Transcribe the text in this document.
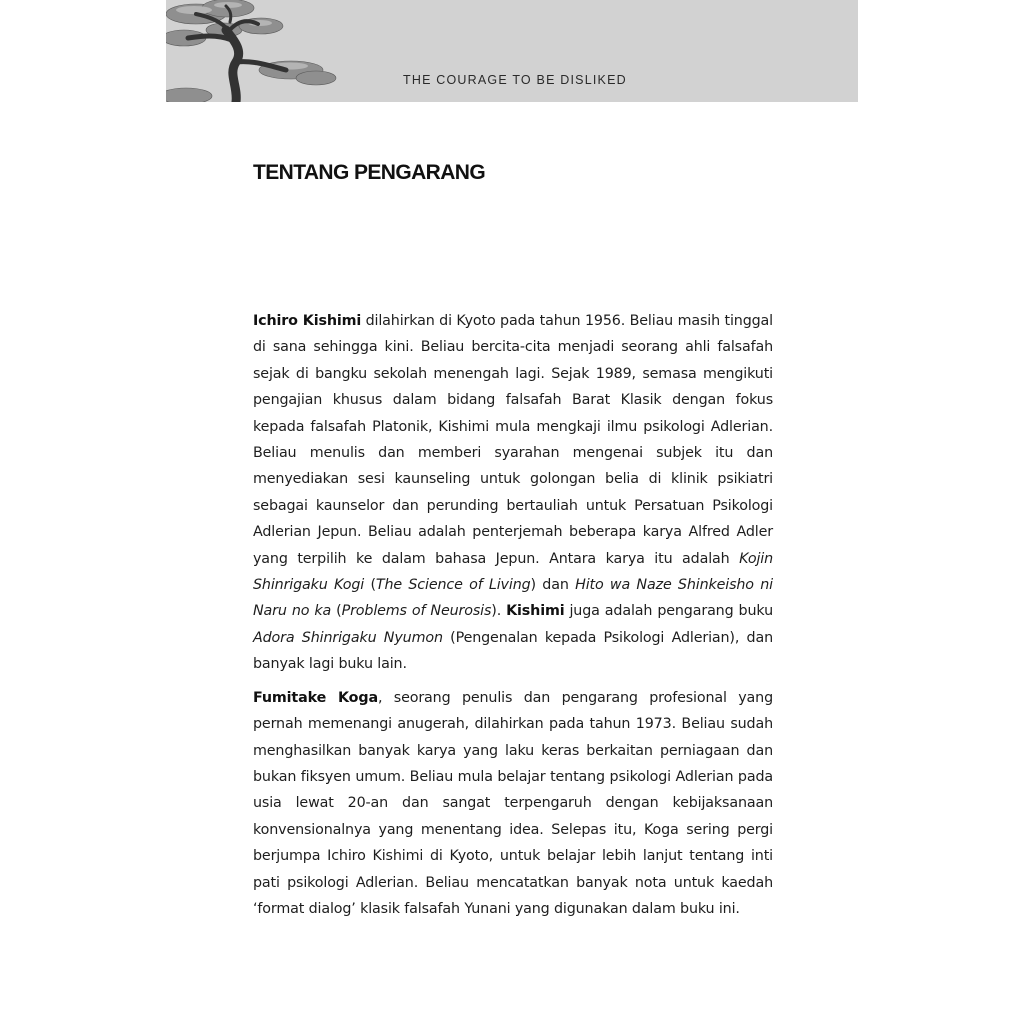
THE COURAGE TO BE DISLIKED
TENTANG PENGARANG

Ichiro Kishimi dilahirkan di Kyoto pada tahun 1956. Beliau masih tinggal di sana sehingga kini. Beliau bercita-cita menjadi seorang ahli falsafah sejak di bangku sekolah menengah lagi. Sejak 1989, semasa mengikuti pengajian khusus dalam bidang falsafah Barat Klasik dengan fokus kepada falsafah Platonik, Kishimi mula mengkaji ilmu psikologi Adlerian. Beliau menulis dan memberi syarahan mengenai subjek itu dan menyediakan sesi kaunseling untuk golongan belia di klinik psikiatri sebagai kaunselor dan perunding bertauliah untuk Persatuan Psikologi Adlerian Jepun. Beliau adalah penterjemah beberapa karya Alfred Adler yang terpilih ke dalam bahasa Jepun. Antara karya itu adalah Kojin Shinrigaku Kogi (The Science of Living) dan Hito wa Naze Shinkeisho ni Naru no ka (Problems of Neurosis). Kishimi juga adalah pengarang buku Adora Shinrigaku Nyumon (Pengenalan kepada Psikologi Adlerian), dan banyak lagi buku lain.

Fumitake Koga, seorang penulis dan pengarang profesional yang pernah memenangi anugerah, dilahirkan pada tahun 1973. Beliau sudah menghasilkan banyak karya yang laku keras berkaitan perniagaan dan bukan fiksyen umum. Beliau mula belajar tentang psikologi Adlerian pada usia lewat 20-an dan sangat terpengaruh dengan kebijaksanaan konvensionalnya yang menentang idea. Selepas itu, Koga sering pergi berjumpa Ichiro Kishimi di Kyoto, untuk belajar lebih lanjut tentang inti pati psikologi Adlerian. Beliau mencatatkan banyak nota untuk kaedah ‘format dialog’ klasik falsafah Yunani yang digunakan dalam buku ini.
